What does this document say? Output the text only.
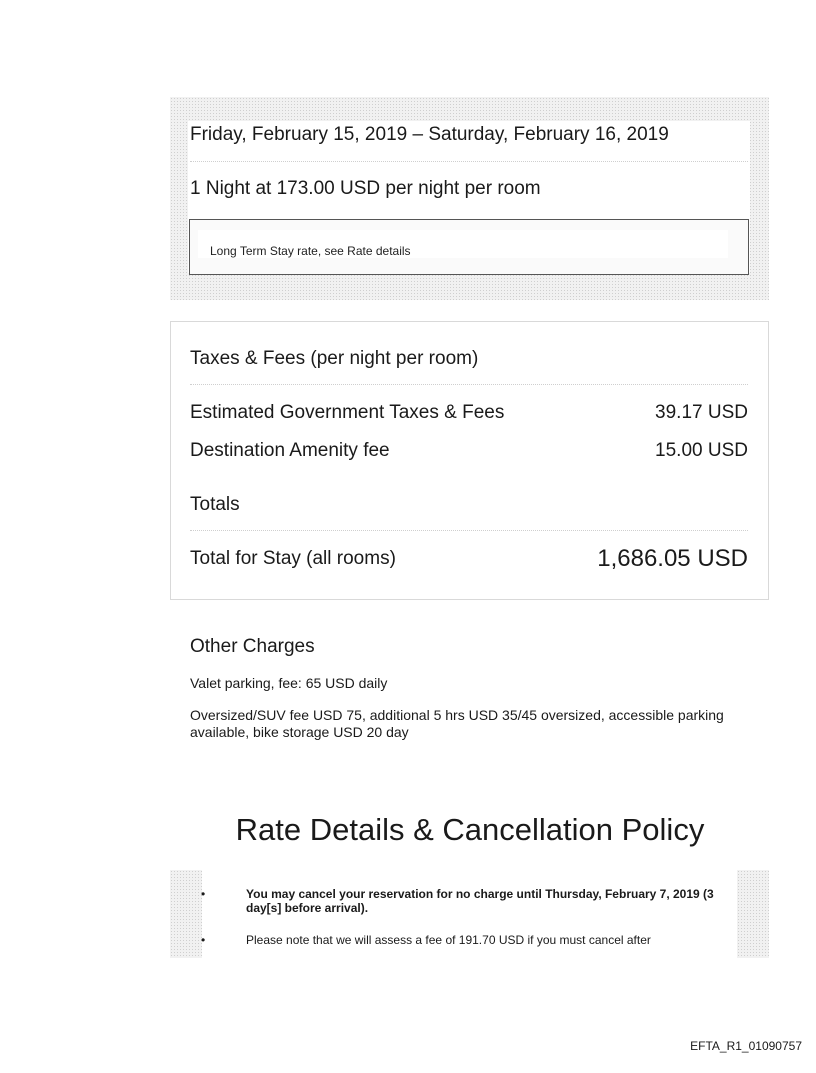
Friday, February 15, 2019 – Saturday, February 16, 2019
1 Night at 173.00 USD per night per room
Long Term Stay rate, see Rate details
Taxes & Fees (per night per room)
Estimated Government Taxes & Fees	39.17 USD
Destination Amenity fee	15.00 USD
Totals
Total for Stay (all rooms)	1,686.05 USD
Other Charges
Valet parking, fee: 65 USD daily
Oversized/SUV fee USD 75, additional 5 hrs USD 35/45 oversized, accessible parking available, bike storage USD 20 day
Rate Details & Cancellation Policy
•	You may cancel your reservation for no charge until Thursday, February 7, 2019 (3 day[s] before arrival).
•	Please note that we will assess a fee of 191.70 USD if you must cancel after
EFTA_R1_01090757
